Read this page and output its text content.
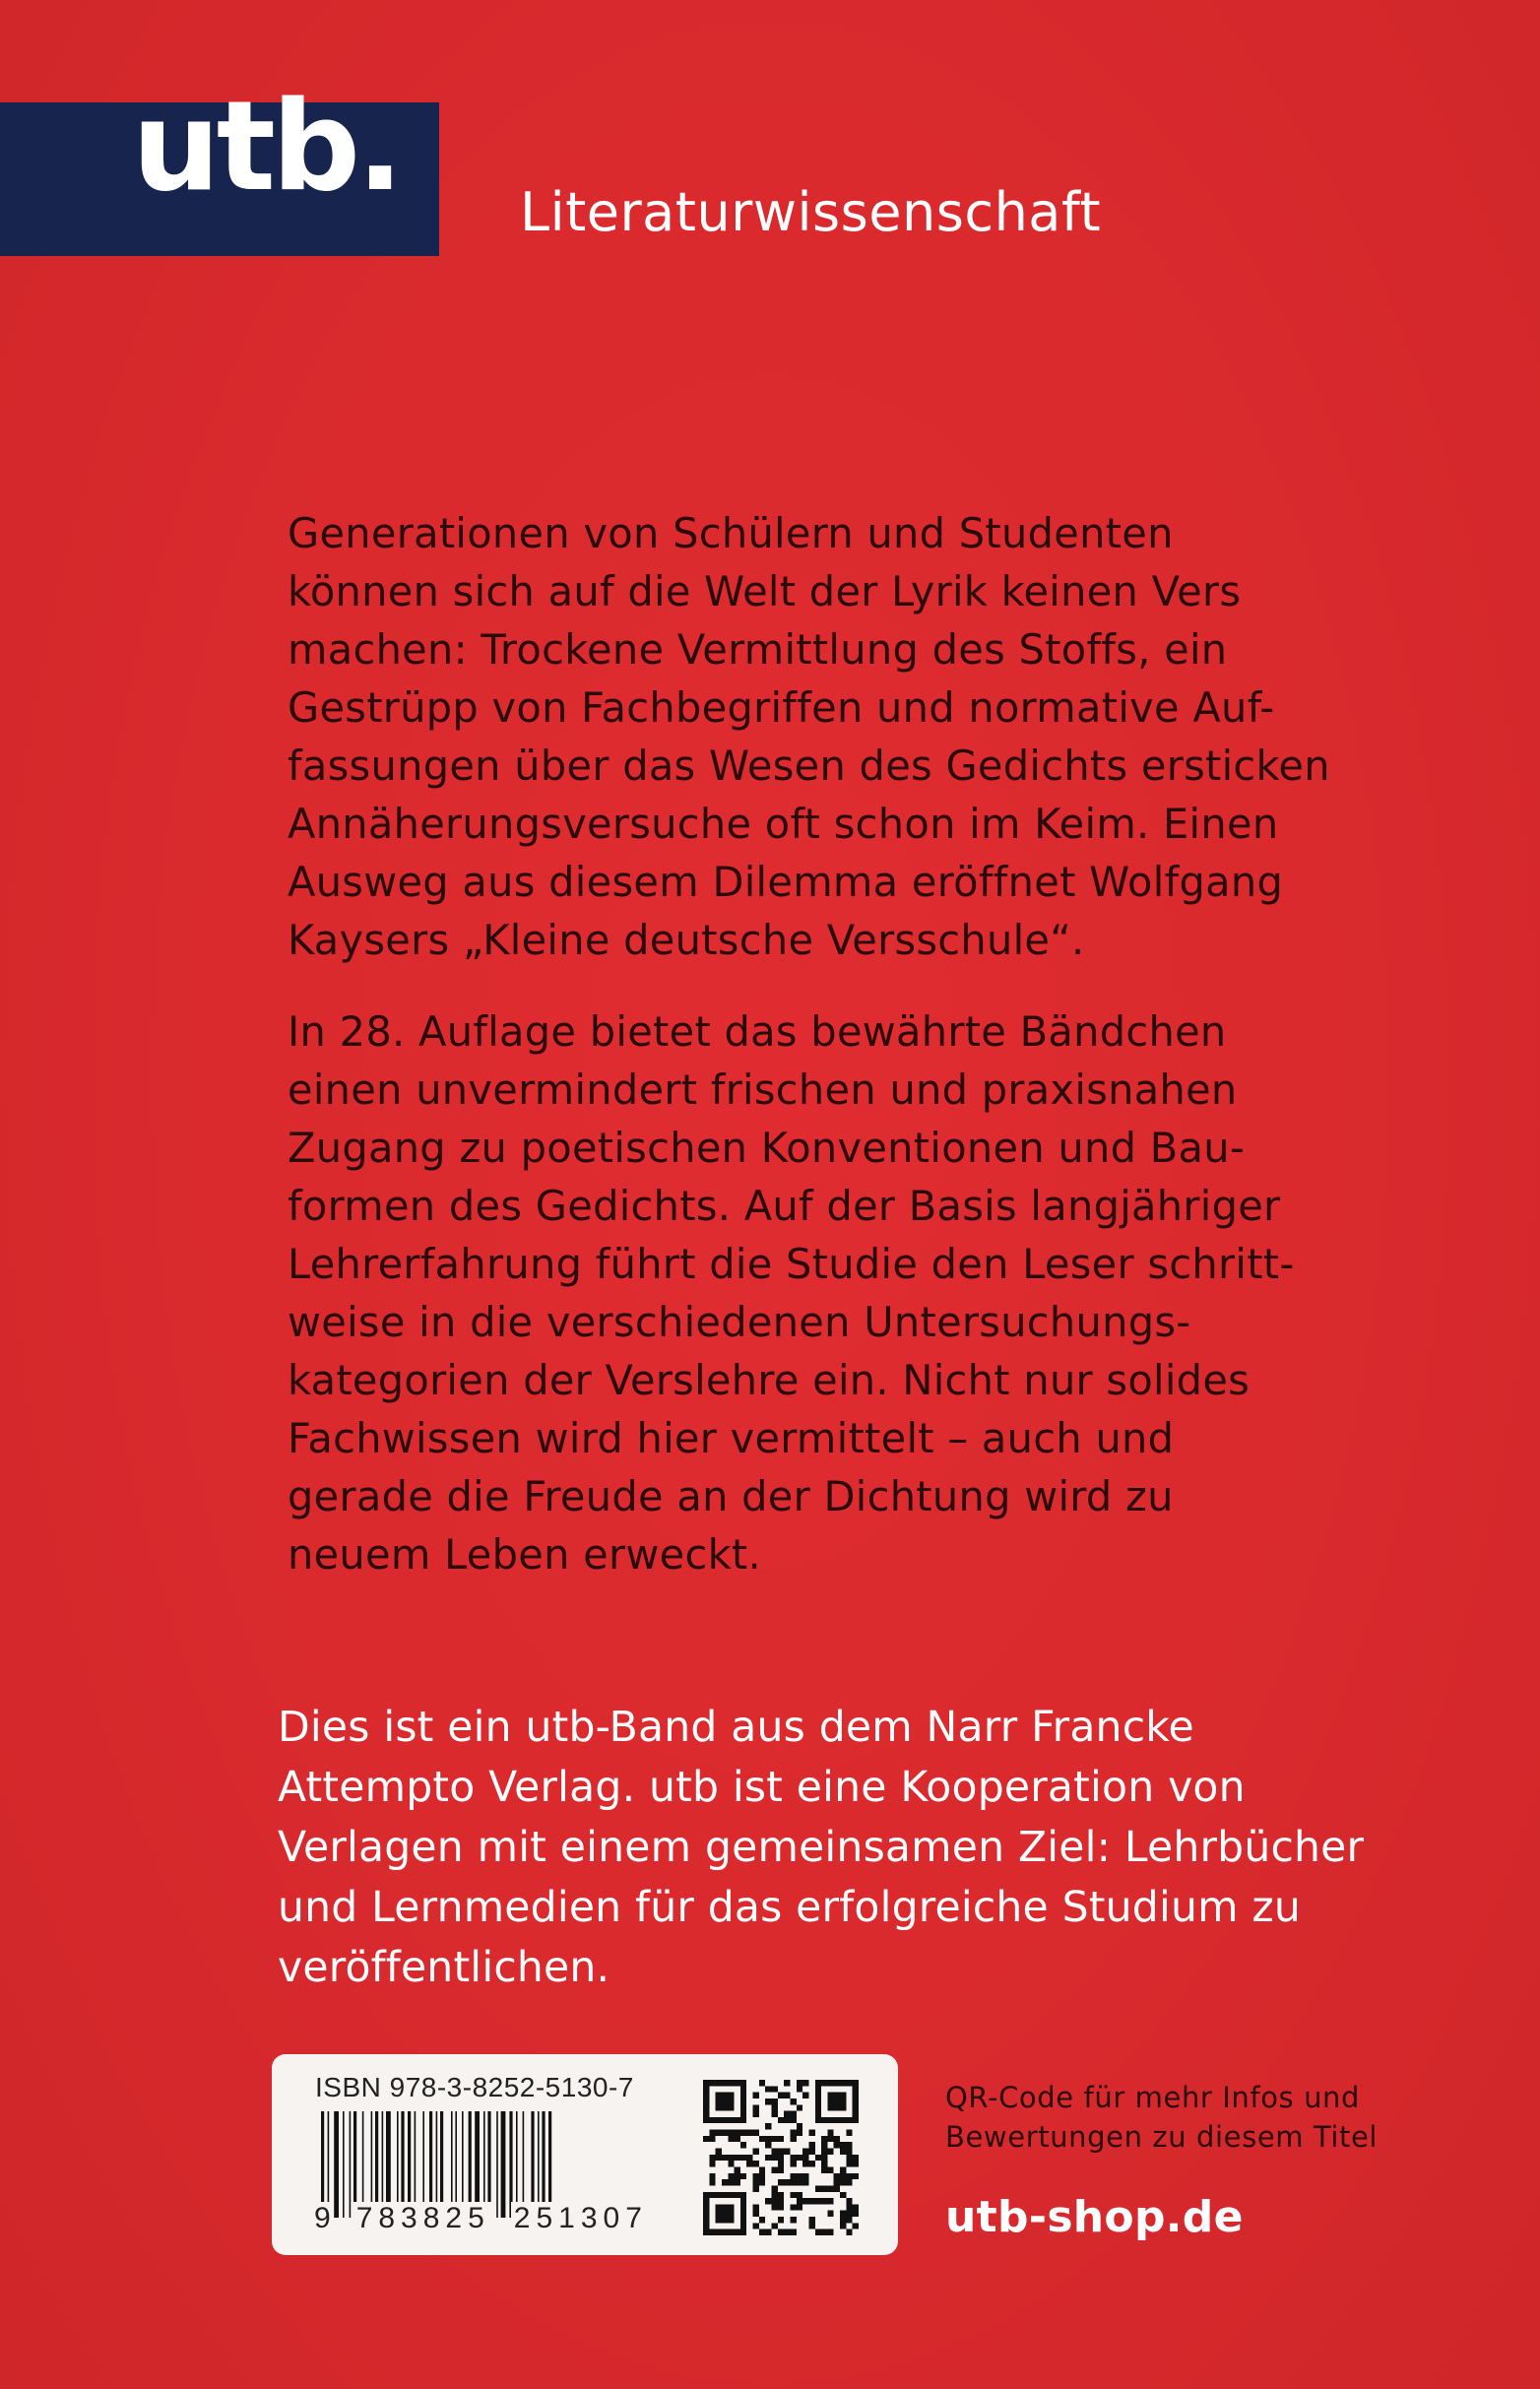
utb. Literaturwissenschaft
Generationen von Schülern und Studenten
können sich auf die Welt der Lyrik keinen Vers
machen: Trockene Vermittlung des Stoffs, ein
Gestrüpp von Fachbegriffen und normative Auf-
fassungen über das Wesen des Gedichts ersticken
Annäherungsversuche oft schon im Keim. Einen
Ausweg aus diesem Dilemma eröffnet Wolfgang
Kaysers „Kleine deutsche Versschule“.
In 28. Auflage bietet das bewährte Bändchen
einen unvermindert frischen und praxisnahen
Zugang zu poetischen Konventionen und Bau-
formen des Gedichts. Auf der Basis langjähriger
Lehrerfahrung führt die Studie den Leser schritt-
weise in die verschiedenen Untersuchungs-
kategorien der Verslehre ein. Nicht nur solides
Fachwissen wird hier vermittelt – auch und
gerade die Freude an der Dichtung wird zu
neuem Leben erweckt.
Dies ist ein utb-Band aus dem Narr Francke
Attempto Verlag. utb ist eine Kooperation von
Verlagen mit einem gemeinsamen Ziel: Lehrbücher
und Lernmedien für das erfolgreiche Studium zu
veröffentlichen.
ISBN 978-3-8252-5130-7
9 783825 251307
QR-Code für mehr Infos und
Bewertungen zu diesem Titel
utb-shop.de
